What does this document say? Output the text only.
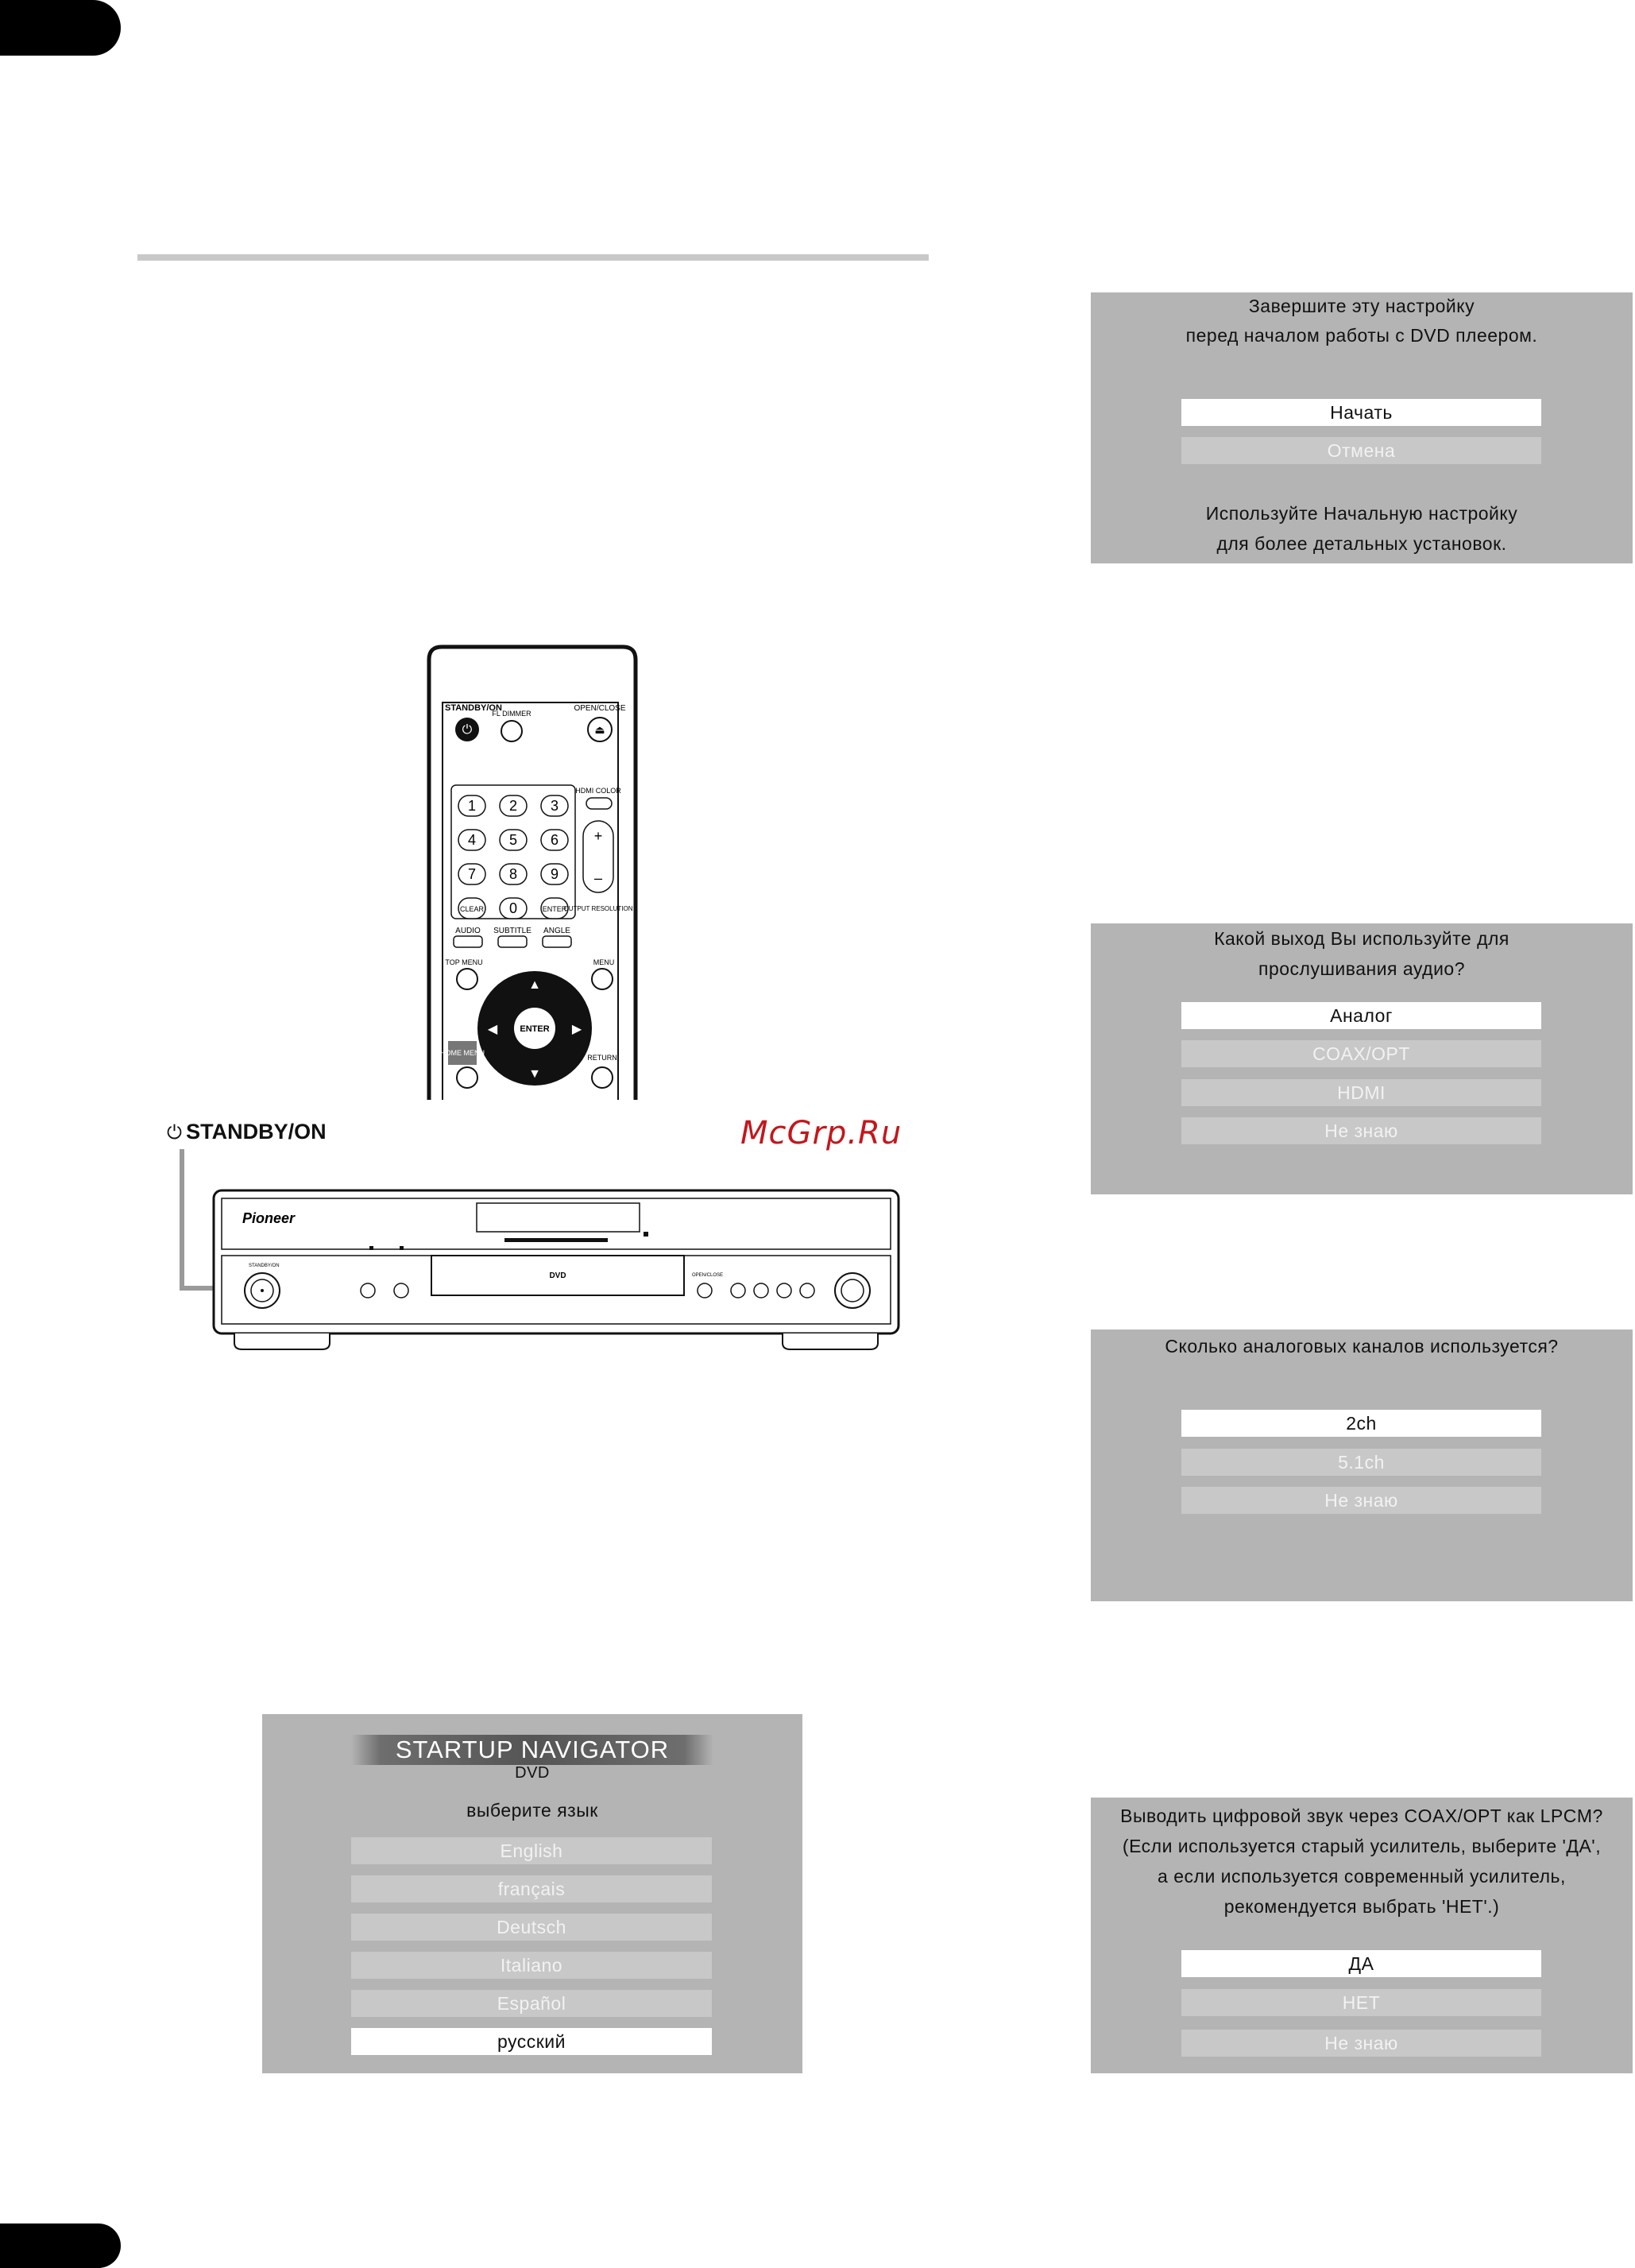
Завершите эту настройку
перед началом работы с DVD плеером.
Начать
Отмена
Используйте Начальную настройку
для более детальных установок.
Какой выход Вы используйте для
прослушивания аудио?
Аналог
COAX/OPT
HDMI
Не знаю
Сколько аналоговых каналов используется?
2ch
5.1ch
Не знаю
Выводить цифровой звук через COAX/OPT как LPCM?
(Если используется старый усилитель, выберите 'ДА',
а если используется современный усилитель,
рекомендуется выбрать 'НЕТ'.)
ДА
НЕТ
Не знаю
STARTUP NAVIGATOR
DVD
выберите язык
English
français
Deutsch
Italiano
Español
русский
McGrp.Ru
STANDBY/ON
⏻
FL DIMMER
OPEN/CLOSE
⏏
HDMI COLOR
1 2 3
4 5 6
7 8 9
CLEAR 0	ENTER
+
–
OUTPUT RESOLUTION
AUDIO SUBTITLE ANGLE
TOP MENU	MENU
ENTER
▲
▼
◀	▶
HOME MENU
RETURN
⏻ STANDBY/ON
Pioneer
DVD
STANDBY/ON
OPEN/CLOSE
